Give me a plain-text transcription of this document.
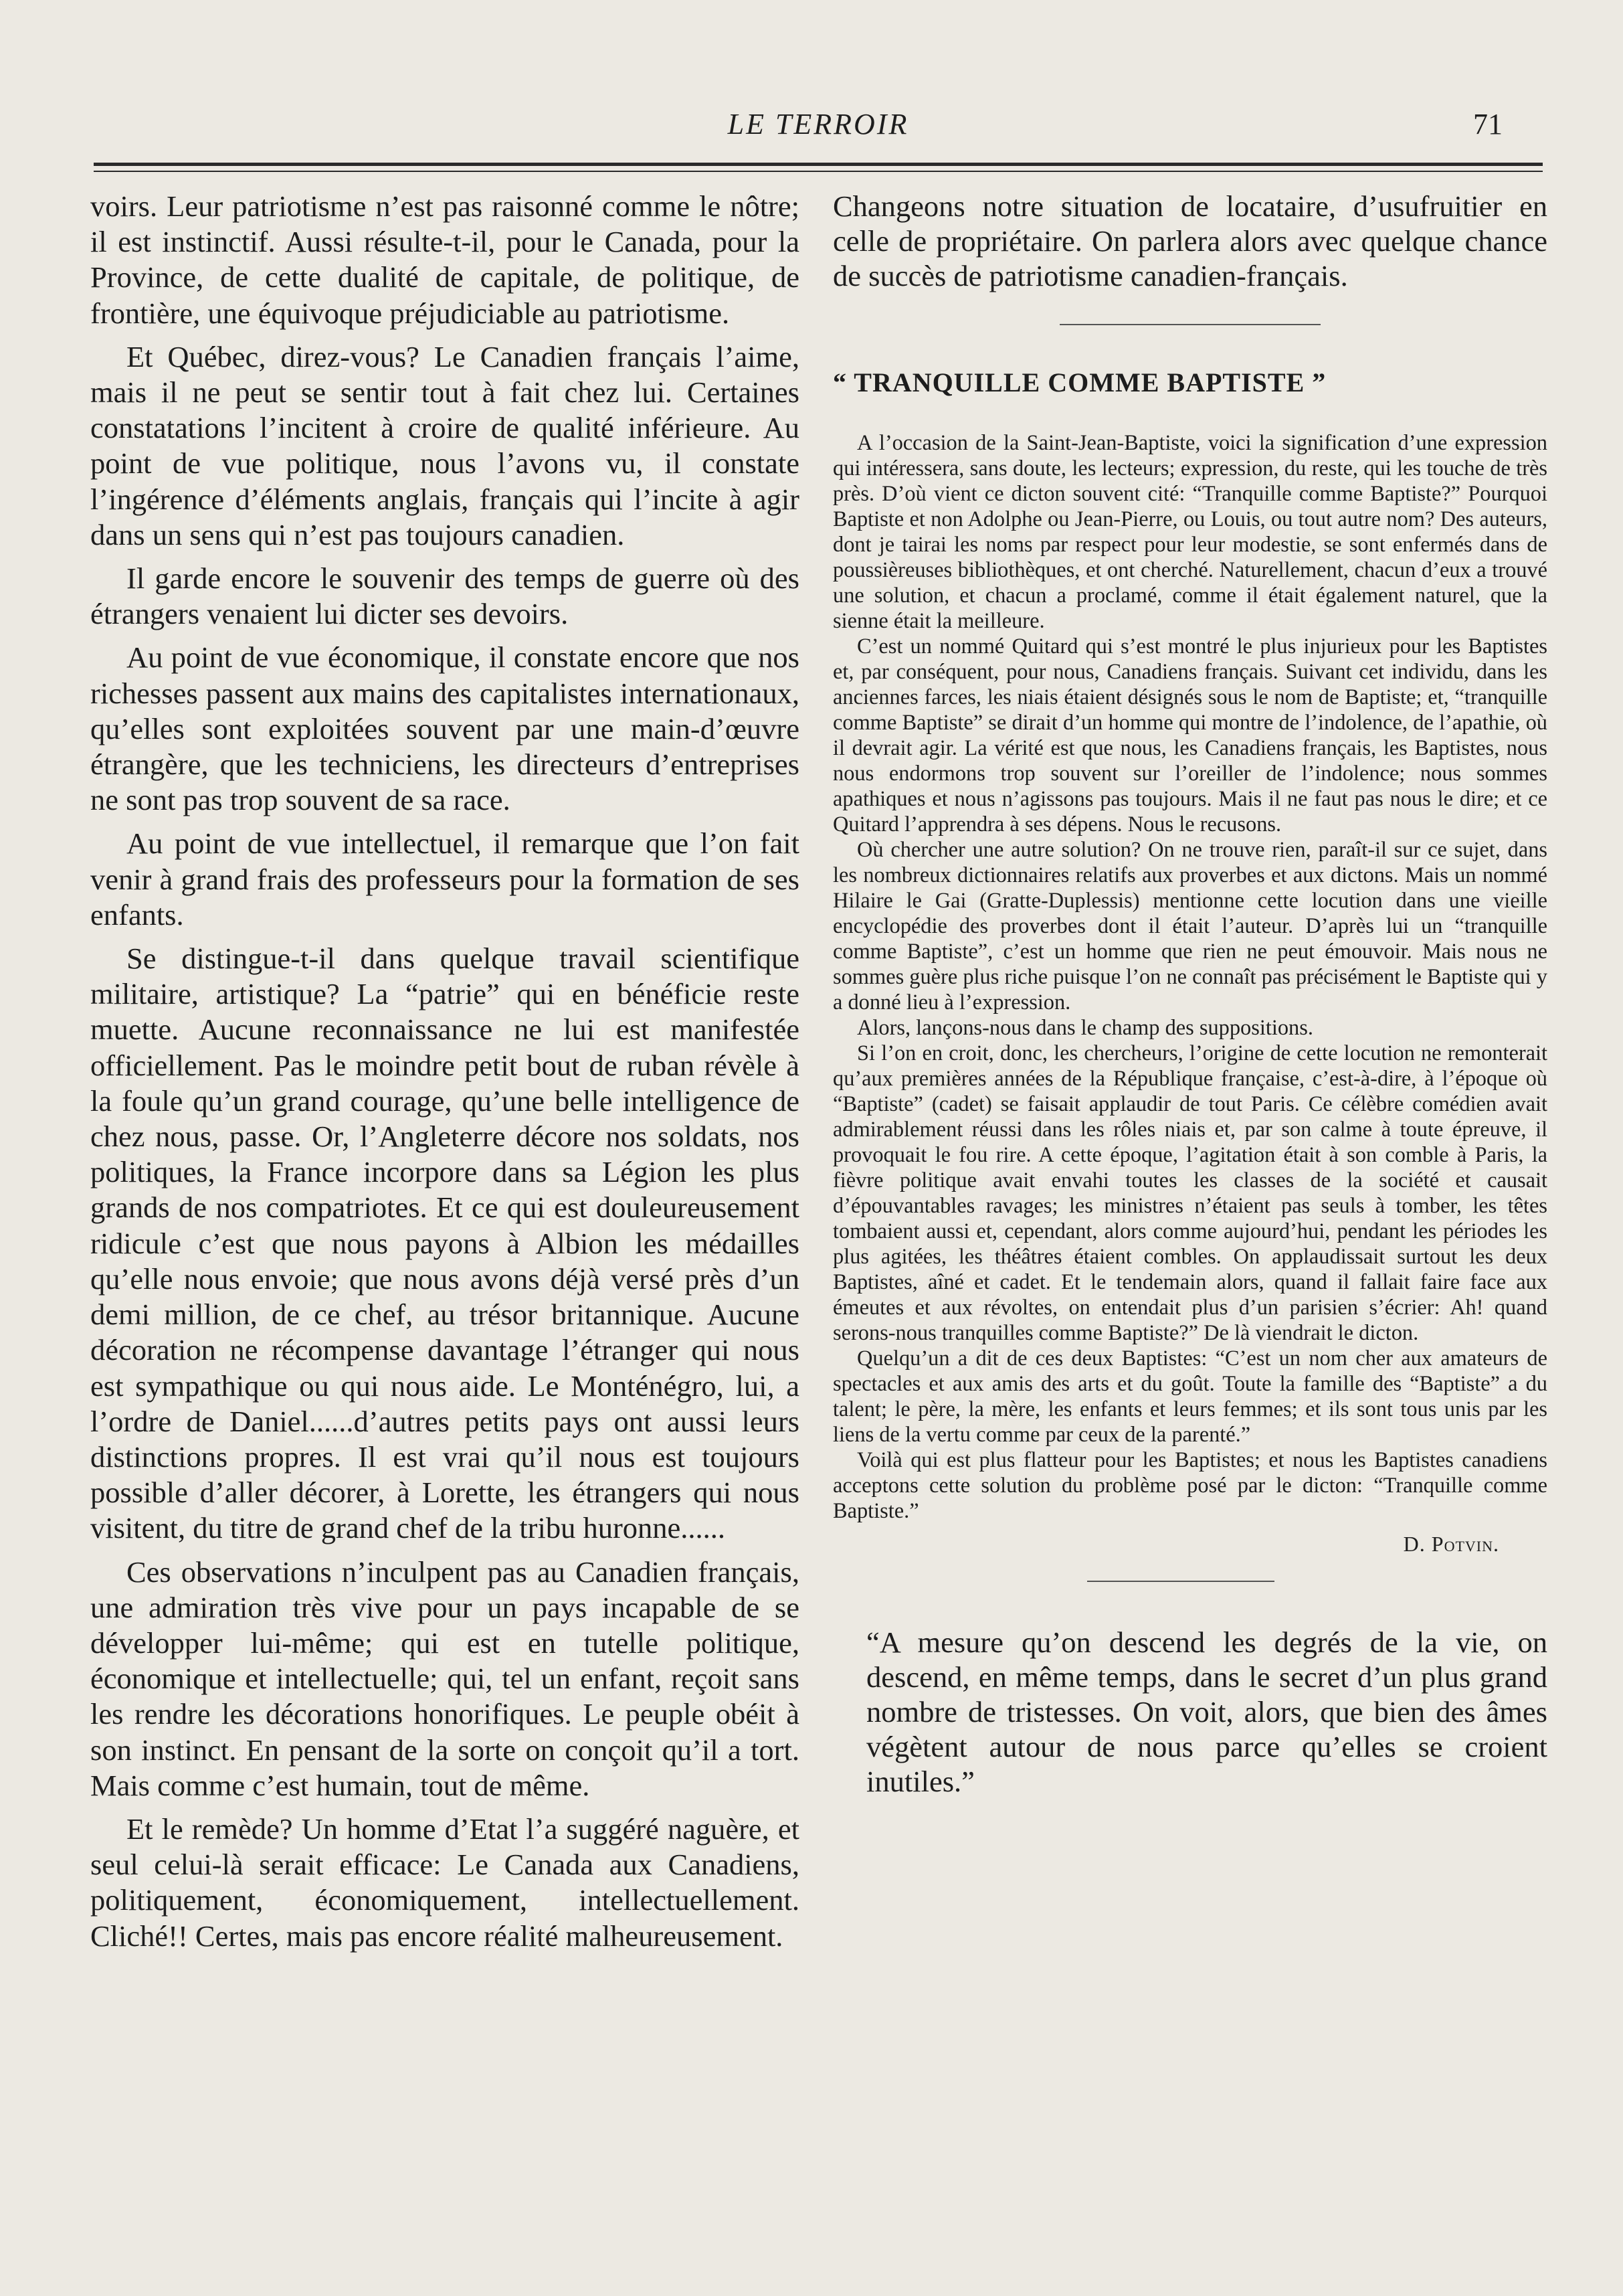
LE TERROIR	71

voirs. Leur patriotisme n’est pas raisonné comme le nôtre; il est instinctif. Aussi résulte-t-il, pour le Canada, pour la Province, de cette dualité de capitale, de politique, de frontière, une équivoque préjudiciable au patriotisme.

Et Québec, direz-vous? Le Canadien français l’aime, mais il ne peut se sentir tout à fait chez lui. Certaines constatations l’incitent à croire de qualité inférieure. Au point de vue politique, nous l’avons vu, il constate l’ingérence d’éléments anglais, français qui l’incite à agir dans un sens qui n’est pas toujours canadien.

Il garde encore le souvenir des temps de guerre où des étrangers venaient lui dicter ses devoirs.

Au point de vue économique, il constate encore que nos richesses passent aux mains des capitalistes internationaux, qu’elles sont exploitées souvent par une main-d’œuvre étrangère, que les techniciens, les directeurs d’entreprises ne sont pas trop souvent de sa race.

Au point de vue intellectuel, il remarque que l’on fait venir à grand frais des professeurs pour la formation de ses enfants.

Se distingue-t-il dans quelque travail scientifique militaire, artistique? La “patrie” qui en bénéficie reste muette. Aucune reconnaissance ne lui est manifestée officiellement. Pas le moindre petit bout de ruban révèle à la foule qu’un grand courage, qu’une belle intelligence de chez nous, passe. Or, l’Angleterre décore nos soldats, nos politiques, la France incorpore dans sa Légion les plus grands de nos compatriotes. Et ce qui est douleureusement ridicule c’est que nous payons à Albion les médailles qu’elle nous envoie; que nous avons déjà versé près d’un demi million, de ce chef, au trésor britannique. Aucune décoration ne récompense davantage l’étranger qui nous est sympathique ou qui nous aide. Le Monténégro, lui, a l’ordre de Daniel......d’autres petits pays ont aussi leurs distinctions propres. Il est vrai qu’il nous est toujours possible d’aller décorer, à Lorette, les étrangers qui nous visitent, du titre de grand chef de la tribu huronne......

Ces observations n’inculpent pas au Canadien français, une admiration très vive pour un pays incapable de se développer lui-même; qui est en tutelle politique, économique et intellectuelle; qui, tel un enfant, reçoit sans les rendre les décorations honorifiques. Le peuple obéit à son instinct. En pensant de la sorte on conçoit qu’il a tort. Mais comme c’est humain, tout de même.

Et le remède? Un homme d’Etat l’a suggéré naguère, et seul celui-là serait efficace: Le Canada aux Canadiens, politiquement, économiquement, intellectuellement. Cliché!! Certes, mais pas encore réalité malheureusement.

Changeons notre situation de locataire, d’usufruitier en celle de propriétaire. On parlera alors avec quelque chance de succès de patriotisme canadien-français.

“ TRANQUILLE COMME BAPTISTE ”

A l’occasion de la Saint-Jean-Baptiste, voici la signification d’une expression qui intéressera, sans doute, les lecteurs; expression, du reste, qui les touche de très près. D’où vient ce dicton souvent cité: “Tranquille comme Baptiste?” Pourquoi Baptiste et non Adolphe ou Jean-Pierre, ou Louis, ou tout autre nom? Des auteurs, dont je tairai les noms par respect pour leur modestie, se sont enfermés dans de poussièreuses bibliothèques, et ont cherché. Naturellement, chacun d’eux a trouvé une solution, et chacun a proclamé, comme il était également naturel, que la sienne était la meilleure.

C’est un nommé Quitard qui s’est montré le plus injurieux pour les Baptistes et, par conséquent, pour nous, Canadiens français. Suivant cet individu, dans les anciennes farces, les niais étaient désignés sous le nom de Baptiste; et, “tranquille comme Baptiste” se dirait d’un homme qui montre de l’indolence, de l’apathie, où il devrait agir. La vérité est que nous, les Canadiens français, les Baptistes, nous nous endormons trop souvent sur l’oreiller de l’indolence; nous sommes apathiques et nous n’agissons pas toujours. Mais il ne faut pas nous le dire; et ce Quitard l’apprendra à ses dépens. Nous le recusons.

Où chercher une autre solution? On ne trouve rien, paraît-il sur ce sujet, dans les nombreux dictionnaires relatifs aux proverbes et aux dictons. Mais un nommé Hilaire le Gai (Gratte-Duplessis) mentionne cette locution dans une vieille encyclopédie des proverbes dont il était l’auteur. D’après lui un “tranquille comme Baptiste”, c’est un homme que rien ne peut émouvoir. Mais nous ne sommes guère plus riche puisque l’on ne connaît pas précisément le Baptiste qui y a donné lieu à l’expression.

Alors, lançons-nous dans le champ des suppositions.

Si l’on en croit, donc, les chercheurs, l’origine de cette locution ne remonterait qu’aux premières années de la République française, c’est-à-dire, à l’époque où “Baptiste” (cadet) se faisait applaudir de tout Paris. Ce célèbre comédien avait admirablement réussi dans les rôles niais et, par son calme à toute épreuve, il provoquait le fou rire. A cette époque, l’agitation était à son comble à Paris, la fièvre politique avait envahi toutes les classes de la société et causait d’épouvantables ravages; les ministres n’étaient pas seuls à tomber, les têtes tombaient aussi et, cependant, alors comme aujourd’hui, pendant les périodes les plus agitées, les théâtres étaient combles. On applaudissait surtout les deux Baptistes, aîné et cadet. Et le tendemain alors, quand il fallait faire face aux émeutes et aux révoltes, on entendait plus d’un parisien s’écrier: Ah! quand serons-nous tranquilles comme Baptiste?” De là viendrait le dicton.

Quelqu’un a dit de ces deux Baptistes: “C’est un nom cher aux amateurs de spectacles et aux amis des arts et du goût. Toute la famille des “Baptiste” a du talent; le père, la mère, les enfants et leurs femmes; et ils sont tous unis par les liens de la vertu comme par ceux de la parenté.”

Voilà qui est plus flatteur pour les Baptistes; et nous les Baptistes canadiens acceptons cette solution du problème posé par le dicton: “Tranquille comme Baptiste.”

D. Potvin.

“A mesure qu’on descend les degrés de la vie, on descend, en même temps, dans le secret d’un plus grand nombre de tristesses. On voit, alors, que bien des âmes végètent autour de nous parce qu’elles se croient inutiles.”
